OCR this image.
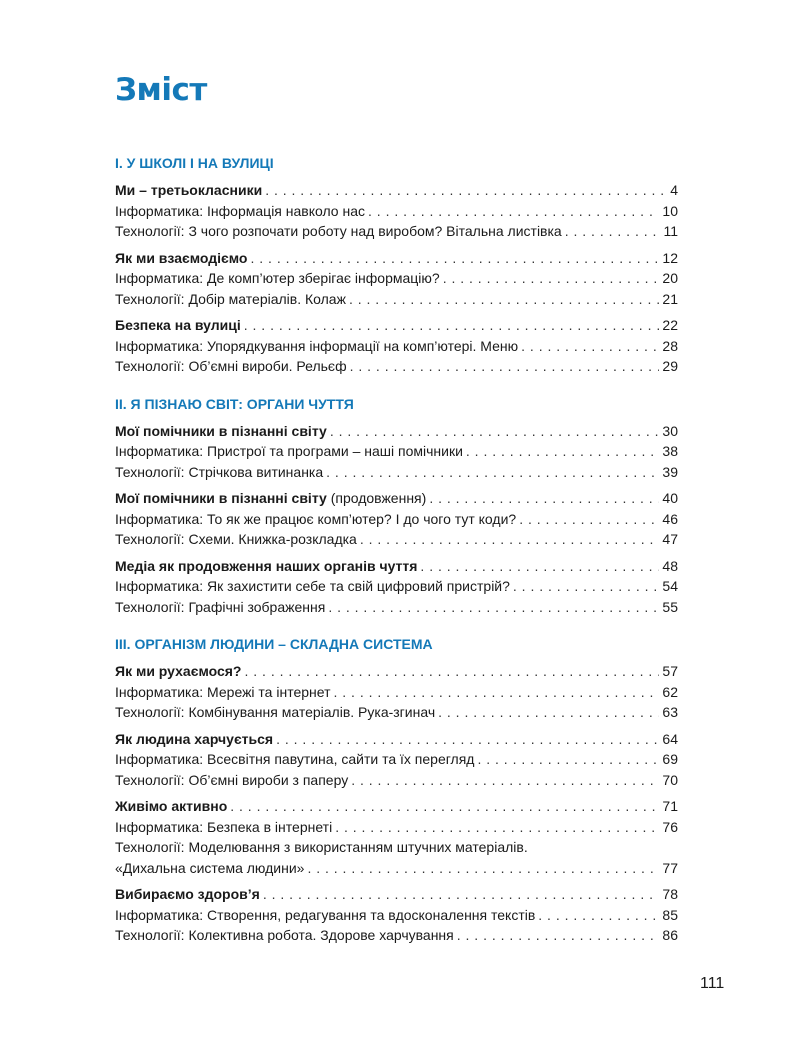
Зміст
I. У ШКОЛІ І НА ВУЛИЦІ
Ми – третьокласники . . .	4
Інформатика: Інформація навколо нас . . .	10
Технології: З чого розпочати роботу над виробом? Вітальна листівка . . .	11
Як ми взаємодіємо . . .	12
Інформатика: Де комп’ютер зберігає інформацію? . . .	20
Технології: Добір матеріалів. Колаж . . .	21
Безпека на вулиці . . .	22
Інформатика: Упорядкування інформації на комп’ютері. Меню . . .	28
Технології: Об’ємні вироби. Рельєф . . .	29
II. Я ПІЗНАЮ СВІТ: ОРГАНИ ЧУТТЯ
Мої помічники в пізнанні світу . . .	30
Інформатика: Пристрої та програми – наші помічники . . .	38
Технології: Стрічкова витинанка . . .	39
Мої помічники в пізнанні світу (продовження) . . .	40
Інформатика: То як же працює комп’ютер? І до чого тут коди? . . .	46
Технології: Схеми. Книжка-розкладка . . .	47
Медіа як продовження наших органів чуття . . .	48
Інформатика: Як захистити себе та свій цифровий пристрій? . . .	54
Технології: Графічні зображення . . .	55
III. ОРГАНІЗМ ЛЮДИНИ – СКЛАДНА СИСТЕМА
Як ми рухаємося? . . .	57
Інформатика: Мережі та інтернет . . .	62
Технології: Комбінування матеріалів. Рука-згинач . . .	63
Як людина харчується . . .	64
Інформатика: Всесвітня павутина, сайти та їх перегляд . . .	69
Технології: Об’ємні вироби з паперу . . .	70
Живімо активно . . .	71
Інформатика: Безпека в інтернеті . . .	76
Технології: Моделювання з використанням штучних матеріалів.
«Дихальна система людини» . . .	77
Вибираємо здоров’я . . .	78
Інформатика: Створення, редагування та вдосконалення текстів . . .	85
Технології: Колективна робота. Здорове харчування . . .	86
111
